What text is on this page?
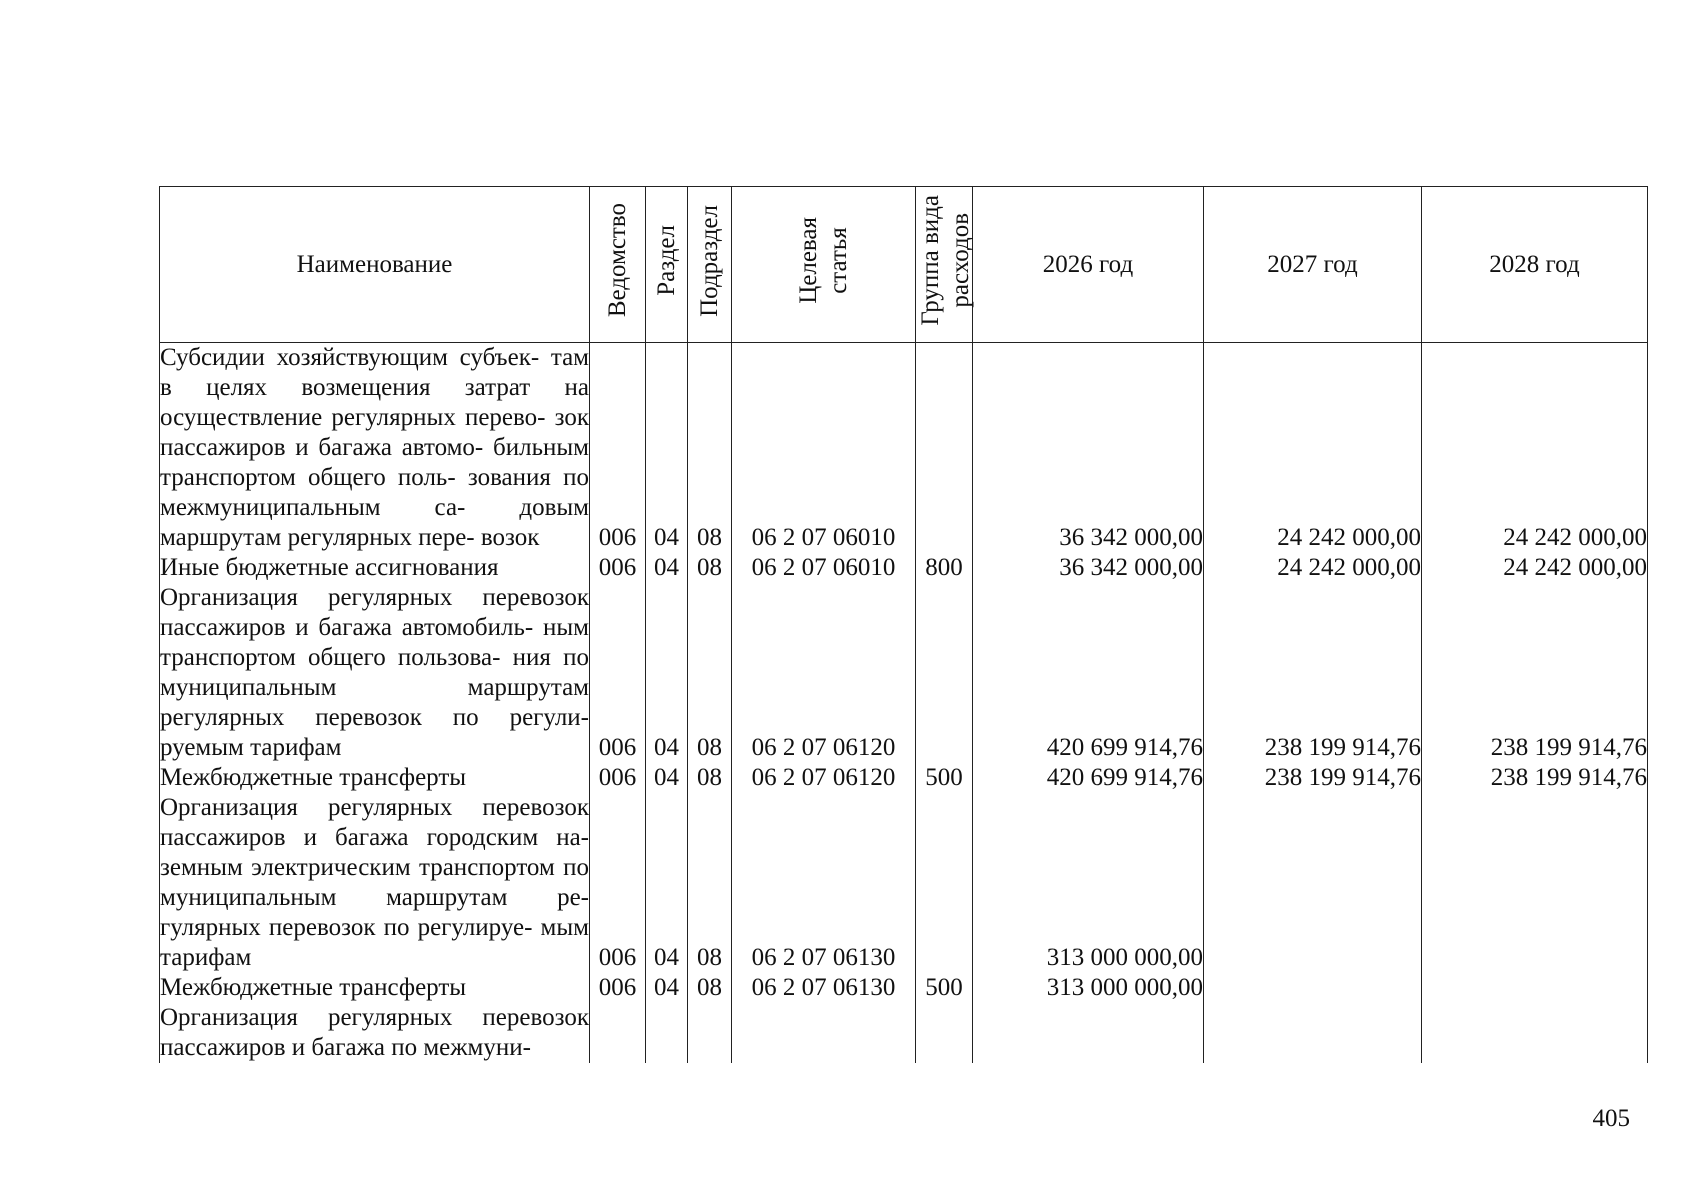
Наименование	Ведомство	Раздел	Подраздел	Целевая статья	Группа вида расходов	2026 год	2027 год	2028 год

Субсидии хозяйствующим субъек- там в целях возмещения затрат на осуществление регулярных перево- зок пассажиров и багажа автомо- бильным транспортом общего поль- зования по межмуниципальным са- довым маршрутам регулярных пере- возок	006	04	08	06 2 07 06010		36 342 000,00	24 242 000,00	24 242 000,00

Иные бюджетные ассигнования	006	04	08	06 2 07 06010	800	36 342 000,00	24 242 000,00	24 242 000,00

Организация регулярных перевозок пассажиров и багажа автомобиль- ным транспортом общего пользова- ния по муниципальным маршрутам регулярных перевозок по регули- руемым тарифам	006	04	08	06 2 07 06120		420 699 914,76	238 199 914,76	238 199 914,76

Межбюджетные трансферты	006	04	08	06 2 07 06120	500	420 699 914,76	238 199 914,76	238 199 914,76

Организация регулярных перевозок пассажиров и багажа городским на- земным электрическим транспортом по муниципальным маршрутам ре- гулярных перевозок по регулируе- мым тарифам	006	04	08	06 2 07 06130		313 000 000,00		

Межбюджетные трансферты	006	04	08	06 2 07 06130	500	313 000 000,00		

Организация регулярных перевозок пассажиров и багажа по межмуни-								

405
